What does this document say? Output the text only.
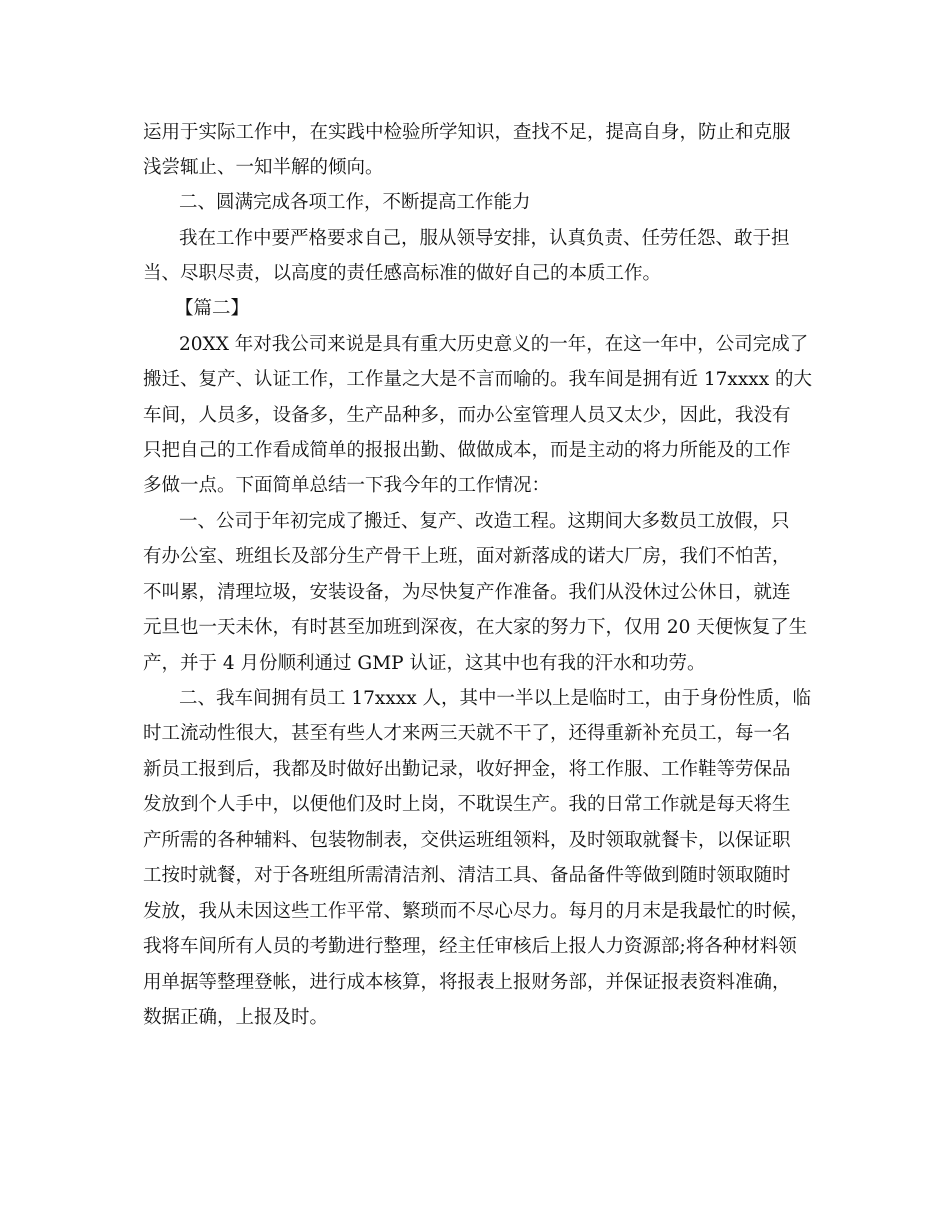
运用于实际工作中，在实践中检验所学知识，查找不足，提高自身，防止和克服
浅尝辄止、一知半解的倾向。
二、圆满完成各项工作，不断提高工作能力
我在工作中要严格要求自己，服从领导安排，认真负责、任劳任怨、敢于担
当、尽职尽责，以高度的责任感高标准的做好自己的本质工作。
【篇二】
20XX 年对我公司来说是具有重大历史意义的一年，在这一年中，公司完成了
搬迁、复产、认证工作，工作量之大是不言而喻的。我车间是拥有近 17xxxx 的大
车间，人员多，设备多，生产品种多，而办公室管理人员又太少，因此，我没有
只把自己的工作看成简单的报报出勤、做做成本，而是主动的将力所能及的工作
多做一点。下面简单总结一下我今年的工作情况：
一、公司于年初完成了搬迁、复产、改造工程。这期间大多数员工放假，只
有办公室、班组长及部分生产骨干上班，面对新落成的诺大厂房，我们不怕苦，
不叫累，清理垃圾，安装设备，为尽快复产作准备。我们从没休过公休日，就连
元旦也一天未休，有时甚至加班到深夜，在大家的努力下，仅用 20 天便恢复了生
产，并于 4 月份顺利通过 GMP 认证，这其中也有我的汗水和功劳。
二、我车间拥有员工 17xxxx 人，其中一半以上是临时工，由于身份性质，临
时工流动性很大，甚至有些人才来两三天就不干了，还得重新补充员工，每一名
新员工报到后，我都及时做好出勤记录，收好押金，将工作服、工作鞋等劳保品
发放到个人手中，以便他们及时上岗，不耽误生产。我的日常工作就是每天将生
产所需的各种辅料、包装物制表，交供运班组领料，及时领取就餐卡，以保证职
工按时就餐，对于各班组所需清洁剂、清洁工具、备品备件等做到随时领取随时
发放，我从未因这些工作平常、繁琐而不尽心尽力。每月的月末是我最忙的时候，
我将车间所有人员的考勤进行整理，经主任审核后上报人力资源部;将各种材料领
用单据等整理登帐，进行成本核算，将报表上报财务部，并保证报表资料准确，
数据正确，上报及时。
